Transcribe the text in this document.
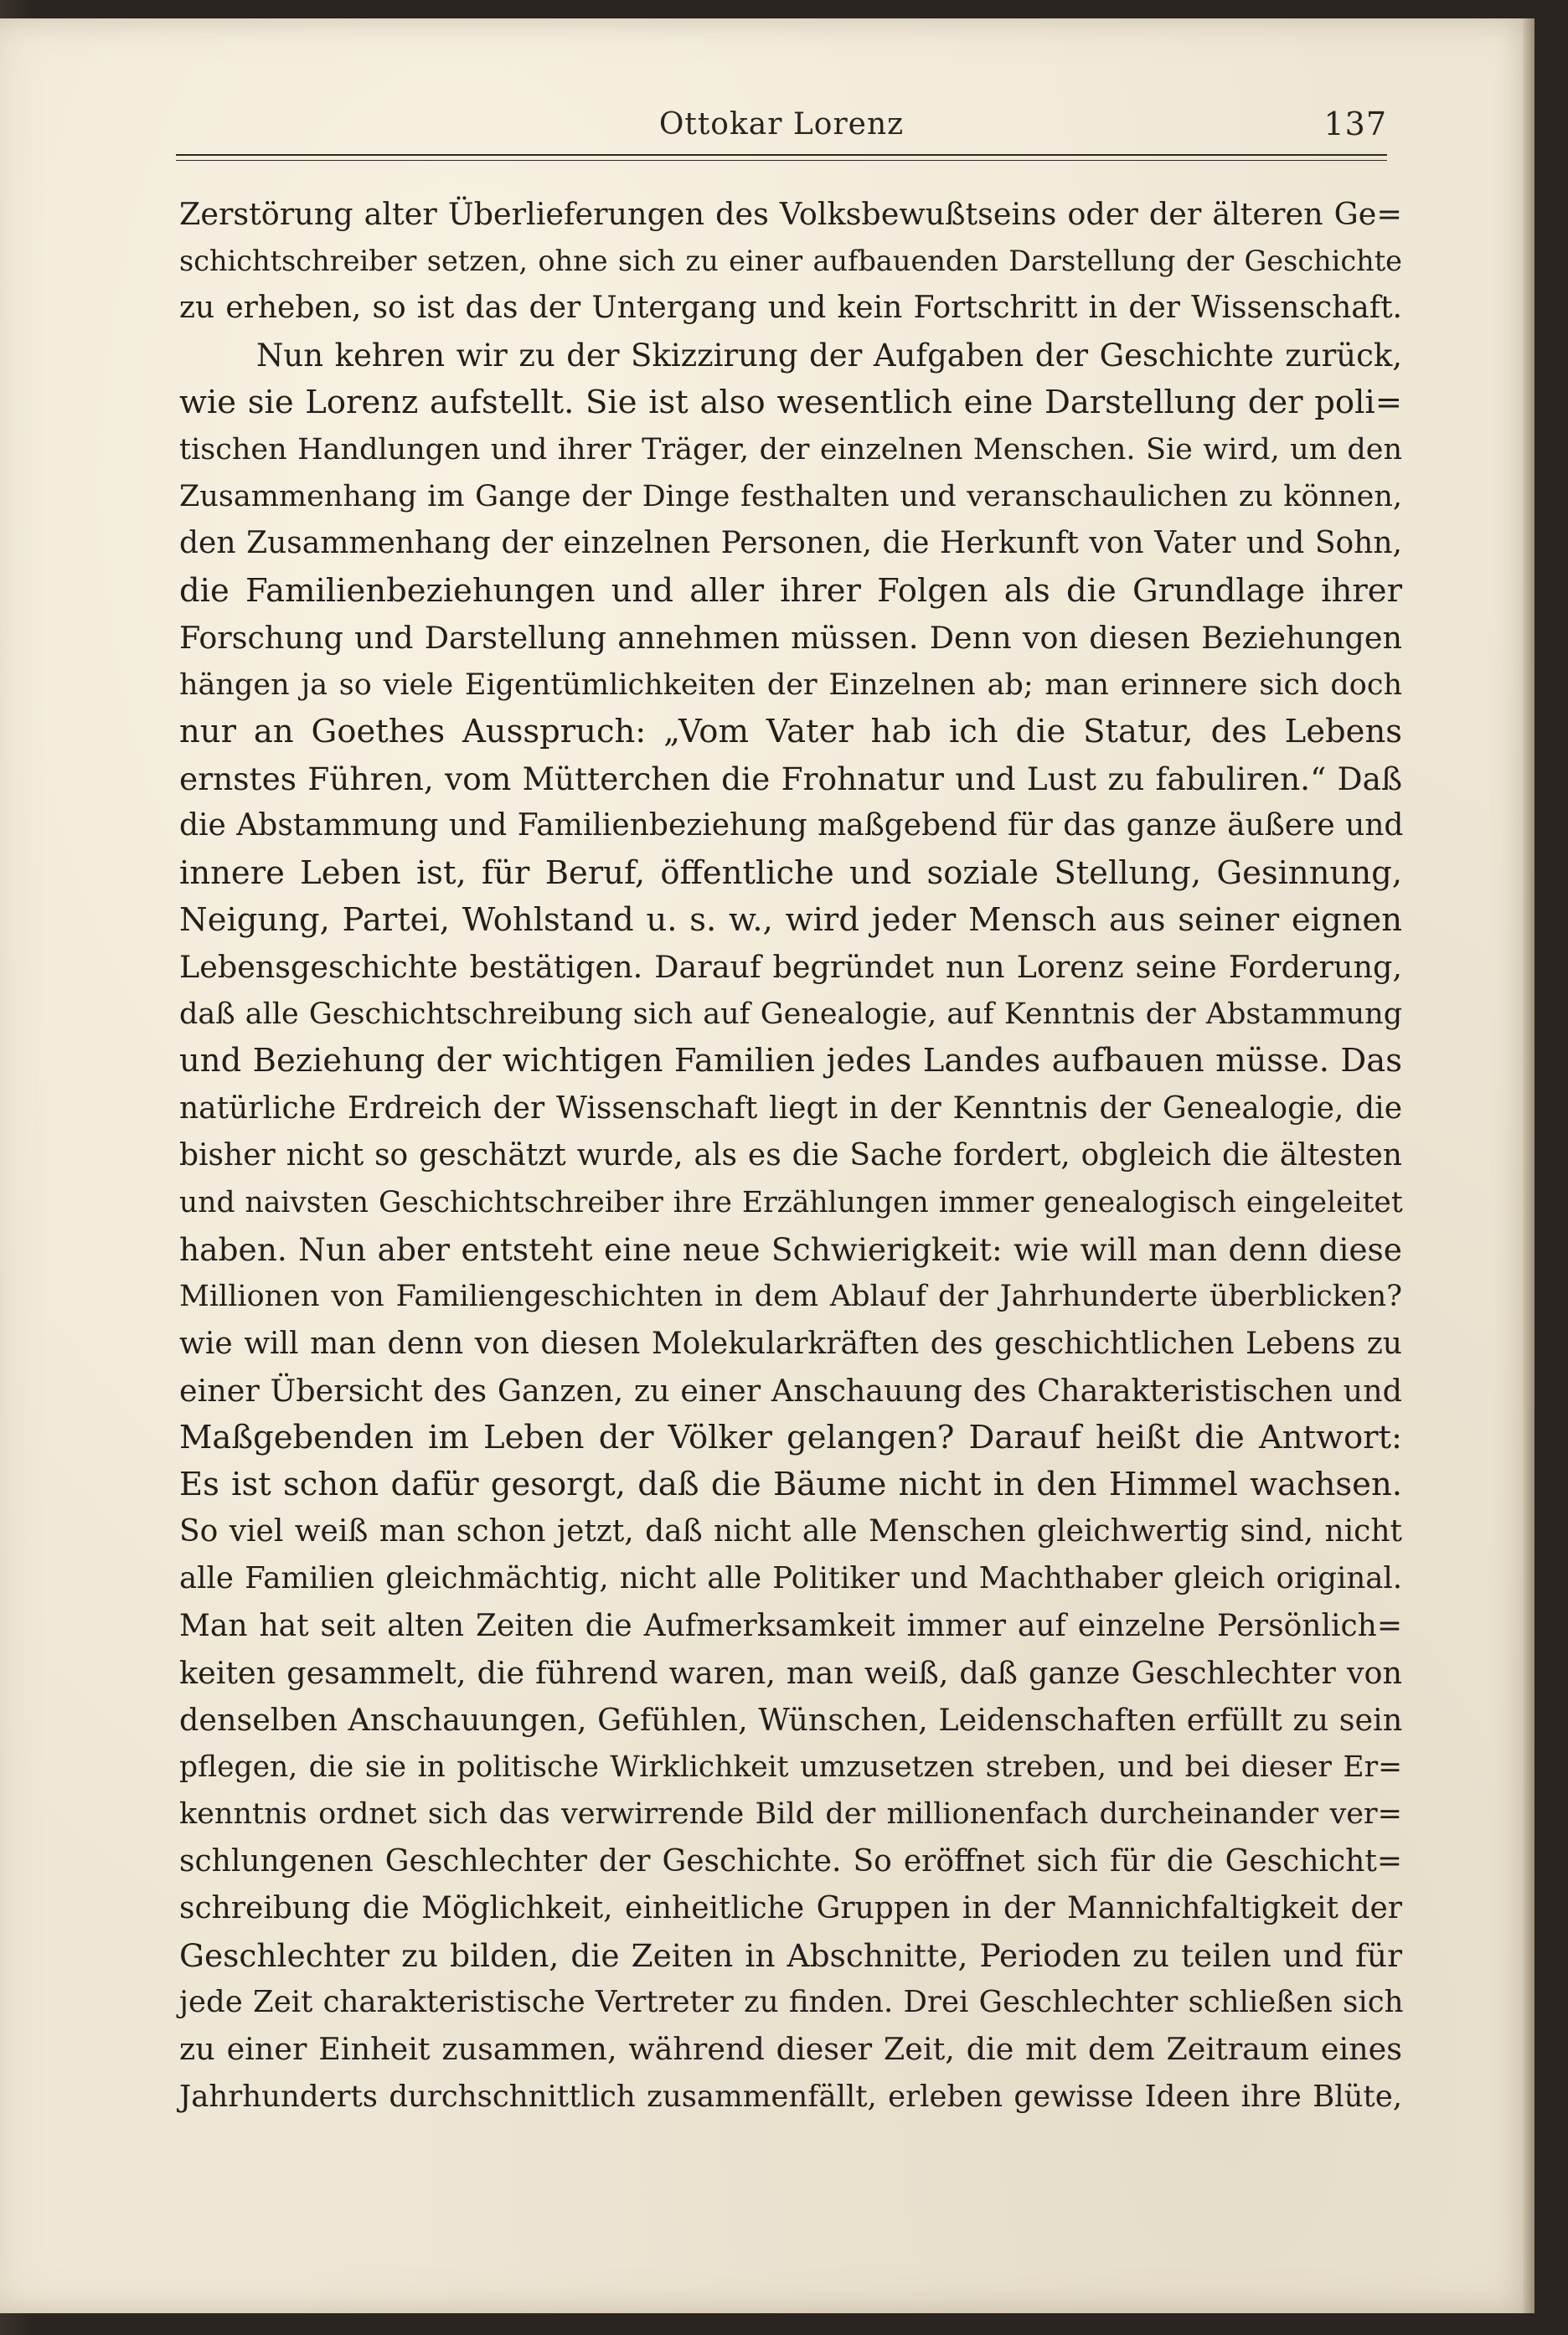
Ottokar Lorenz	137
Zerstörung alter Überlieferungen des Volksbewußtseins oder der älteren Ge=
schichtschreiber setzen, ohne sich zu einer aufbauenden Darstellung der Geschichte
zu erheben, so ist das der Untergang und kein Fortschritt in der Wissenschaft.
Nun kehren wir zu der Skizzirung der Aufgaben der Geschichte zurück,
wie sie Lorenz aufstellt. Sie ist also wesentlich eine Darstellung der poli=
tischen Handlungen und ihrer Träger, der einzelnen Menschen. Sie wird, um den
Zusammenhang im Gange der Dinge festhalten und veranschaulichen zu können,
den Zusammenhang der einzelnen Personen, die Herkunft von Vater und Sohn,
die Familienbeziehungen und aller ihrer Folgen als die Grundlage ihrer
Forschung und Darstellung annehmen müssen. Denn von diesen Beziehungen
hängen ja so viele Eigentümlichkeiten der Einzelnen ab; man erinnere sich doch
nur an Goethes Ausspruch: „Vom Vater hab ich die Statur, des Lebens
ernstes Führen, vom Mütterchen die Frohnatur und Lust zu fabuliren.“ Daß
die Abstammung und Familienbeziehung maßgebend für das ganze äußere und
innere Leben ist, für Beruf, öffentliche und soziale Stellung, Gesinnung,
Neigung, Partei, Wohlstand u. s. w., wird jeder Mensch aus seiner eignen
Lebensgeschichte bestätigen. Darauf begründet nun Lorenz seine Forderung,
daß alle Geschichtschreibung sich auf Genealogie, auf Kenntnis der Abstammung
und Beziehung der wichtigen Familien jedes Landes aufbauen müsse. Das
natürliche Erdreich der Wissenschaft liegt in der Kenntnis der Genealogie, die
bisher nicht so geschätzt wurde, als es die Sache fordert, obgleich die ältesten
und naivsten Geschichtschreiber ihre Erzählungen immer genealogisch eingeleitet
haben. Nun aber entsteht eine neue Schwierigkeit: wie will man denn diese
Millionen von Familiengeschichten in dem Ablauf der Jahrhunderte überblicken?
wie will man denn von diesen Molekularkräften des geschichtlichen Lebens zu
einer Übersicht des Ganzen, zu einer Anschauung des Charakteristischen und
Maßgebenden im Leben der Völker gelangen? Darauf heißt die Antwort:
Es ist schon dafür gesorgt, daß die Bäume nicht in den Himmel wachsen.
So viel weiß man schon jetzt, daß nicht alle Menschen gleichwertig sind, nicht
alle Familien gleichmächtig, nicht alle Politiker und Machthaber gleich original.
Man hat seit alten Zeiten die Aufmerksamkeit immer auf einzelne Persönlich=
keiten gesammelt, die führend waren, man weiß, daß ganze Geschlechter von
denselben Anschauungen, Gefühlen, Wünschen, Leidenschaften erfüllt zu sein
pflegen, die sie in politische Wirklichkeit umzusetzen streben, und bei dieser Er=
kenntnis ordnet sich das verwirrende Bild der millionenfach durcheinander ver=
schlungenen Geschlechter der Geschichte. So eröffnet sich für die Geschicht=
schreibung die Möglichkeit, einheitliche Gruppen in der Mannichfaltigkeit der
Geschlechter zu bilden, die Zeiten in Abschnitte, Perioden zu teilen und für
jede Zeit charakteristische Vertreter zu finden. Drei Geschlechter schließen sich
zu einer Einheit zusammen, während dieser Zeit, die mit dem Zeitraum eines
Jahrhunderts durchschnittlich zusammenfällt, erleben gewisse Ideen ihre Blüte,
